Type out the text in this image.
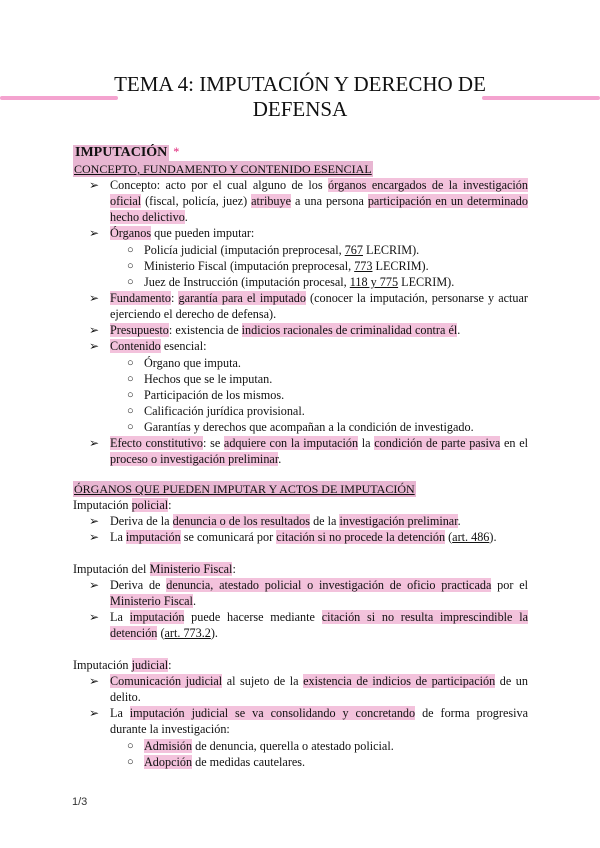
TEMA 4: IMPUTACIÓN Y DERECHO DE
DEFENSA
IMPUTACIÓN *
CONCEPTO, FUNDAMENTO Y CONTENIDO ESENCIAL
➢ Concepto: acto por el cual alguno de los órganos encargados de la investigación oficial (fiscal, policía, juez) atribuye a una persona participación en un determinado hecho delictivo.
➢ Órganos que pueden imputar:
○ Policía judicial (imputación preprocesal, 767 LECRIM).
○ Ministerio Fiscal (imputación preprocesal, 773 LECRIM).
○ Juez de Instrucción (imputación procesal, 118 y 775 LECRIM).
➢ Fundamento: garantía para el imputado (conocer la imputación, personarse y actuar ejerciendo el derecho de defensa).
➢ Presupuesto: existencia de indicios racionales de criminalidad contra él.
➢ Contenido esencial:
○ Órgano que imputa.
○ Hechos que se le imputan.
○ Participación de los mismos.
○ Calificación jurídica provisional.
○ Garantías y derechos que acompañan a la condición de investigado.
➢ Efecto constitutivo: se adquiere con la imputación la condición de parte pasiva en el proceso o investigación preliminar.
ÓRGANOS QUE PUEDEN IMPUTAR Y ACTOS DE IMPUTACIÓN
Imputación policial:
➢ Deriva de la denuncia o de los resultados de la investigación preliminar.
➢ La imputación se comunicará por citación si no procede la detención (art. 486).
Imputación del Ministerio Fiscal:
➢ Deriva de denuncia, atestado policial o investigación de oficio practicada por el Ministerio Fiscal.
➢ La imputación puede hacerse mediante citación si no resulta imprescindible la detención (art. 773.2).
Imputación judicial:
➢ Comunicación judicial al sujeto de la existencia de indicios de participación de un delito.
➢ La imputación judicial se va consolidando y concretando de forma progresiva durante la investigación:
○ Admisión de denuncia, querella o atestado policial.
○ Adopción de medidas cautelares.
1/3
